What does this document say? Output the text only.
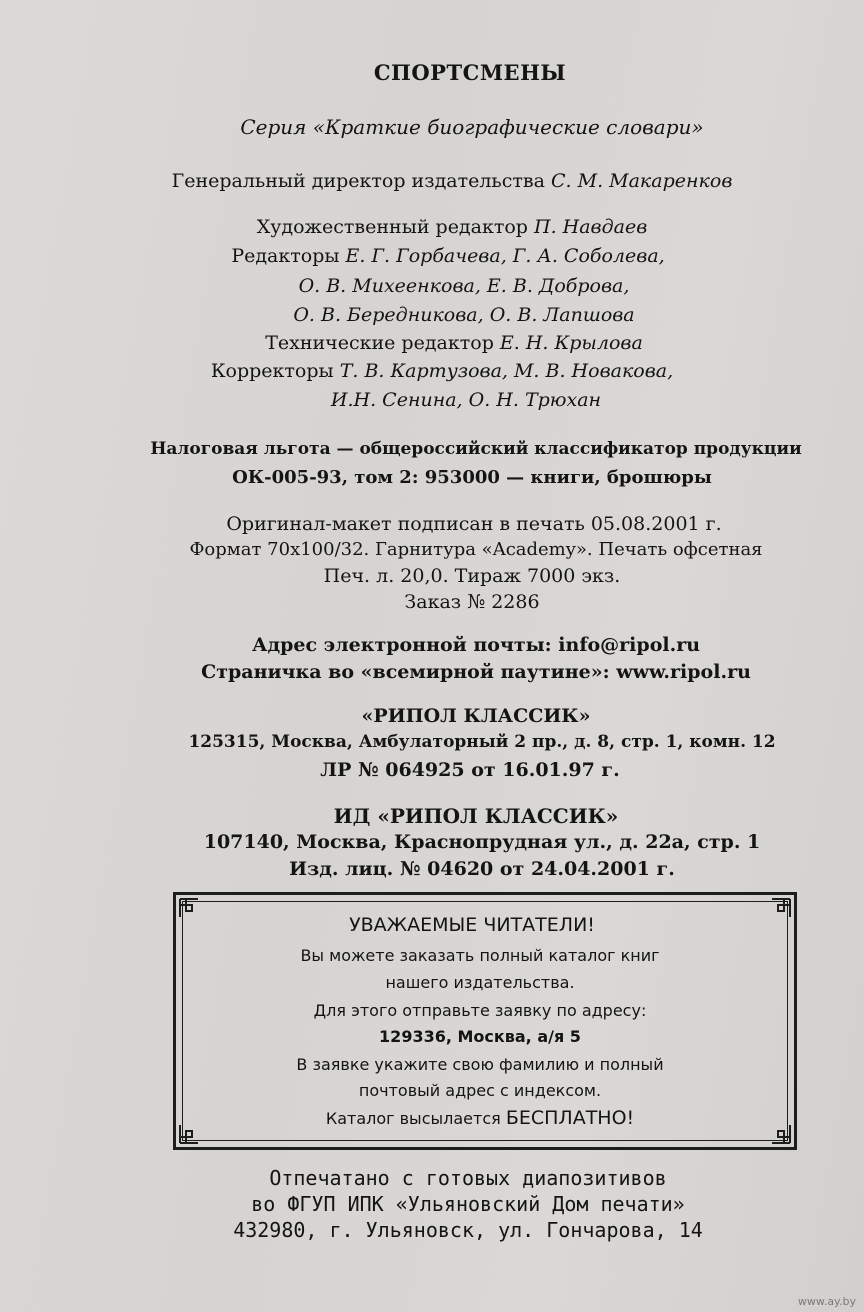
СПОРТСМЕНЫ
Серия «Краткие биографические словари»
Генеральный директор издательства С. М. Макаренков
Художественный редактор П. Навдаев
Редакторы Е. Г. Горбачева, Г. А. Соболева,
О. В. Михеенкова, Е. В. Доброва,
О. В. Бередникова, О. В. Лапшова
Технические редактор Е. Н. Крылова
Корректоры Т. В. Картузова, М. В. Новакова,
И.Н. Сенина, О. Н. Трюхан
Налоговая льгота — общероссийский классификатор продукции
ОК-005-93, том 2: 953000 — книги, брошюры
Оригинал-макет подписан в печать 05.08.2001 г.
Формат 70x100/32. Гарнитура «Academy». Печать офсетная
Печ. л. 20,0. Тираж 7000 экз.
Заказ № 2286
Адрес электронной почты: info@ripol.ru
Страничка во «всемирной паутине»: www.ripol.ru
«РИПОЛ КЛАССИК»
125315, Москва, Амбулаторный 2 пр., д. 8, стр. 1, комн. 12
ЛР № 064925 от 16.01.97 г.
ИД «РИПОЛ КЛАССИК»
107140, Москва, Краснопрудная ул., д. 22а, стр. 1
Изд. лиц. № 04620 от 24.04.2001 г.
УВАЖАЕМЫЕ ЧИТАТЕЛИ!
Вы можете заказать полный каталог книг
нашего издательства.
Для этого отправьте заявку по адресу:
129336, Москва, а/я 5
В заявке укажите свою фамилию и полный
почтовый адрес с индексом.
Каталог высылается БЕСПЛАТНО!
Отпечатано с готовых диапозитивов
во ФГУП ИПК «Ульяновский Дом печати»
432980, г. Ульяновск, ул. Гончарова, 14
www.ay.by
